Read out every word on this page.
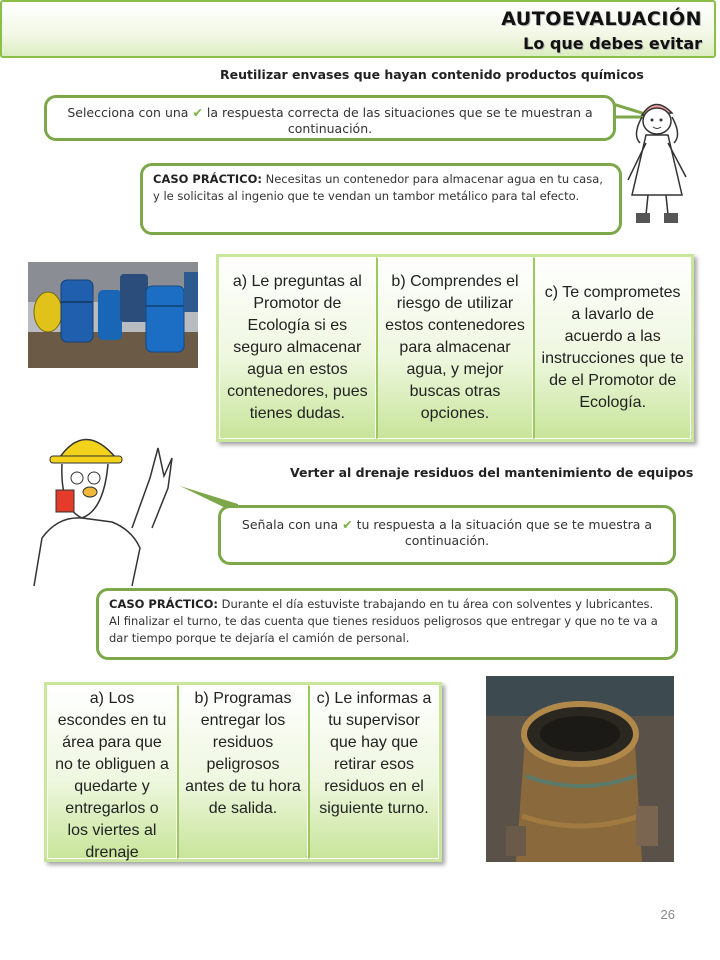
AUTOEVALUACIÓN
Lo que debes evitar
Reutilizar envases que hayan contenido productos químicos
Selecciona con una ✔ la respuesta correcta de las situaciones que se te muestran a continuación.
CASO PRÁCTICO: Necesitas un contenedor para almacenar agua en tu casa, y le solicitas al ingenio que te vendan un tambor metálico para tal efecto.
a) Le preguntas al Promotor de Ecología si es seguro almacenar agua en estos contenedores, pues tienes dudas.
b) Comprendes el riesgo de utilizar estos contenedores para almacenar agua, y mejor buscas otras opciones.
c) Te comprometes a lavarlo de acuerdo a las instrucciones que te de el Promotor de Ecología.
Verter al drenaje residuos del mantenimiento de equipos
Señala con una ✔ tu respuesta a la situación que se te muestra a continuación.
CASO PRÁCTICO: Durante el día estuviste trabajando en tu área con solventes y lubricantes. Al finalizar el turno, te das cuenta que tienes residuos peligrosos que entregar y que no te va a dar tiempo porque te dejaría el camión de personal.
a) Los escondes en tu área para que no te obliguen a quedarte y entregarlos o los viertes al drenaje
b) Programas entregar los residuos peligrosos antes de tu hora de salida.
c) Le informas a tu supervisor que hay que retirar esos residuos en el siguiente turno.
26
